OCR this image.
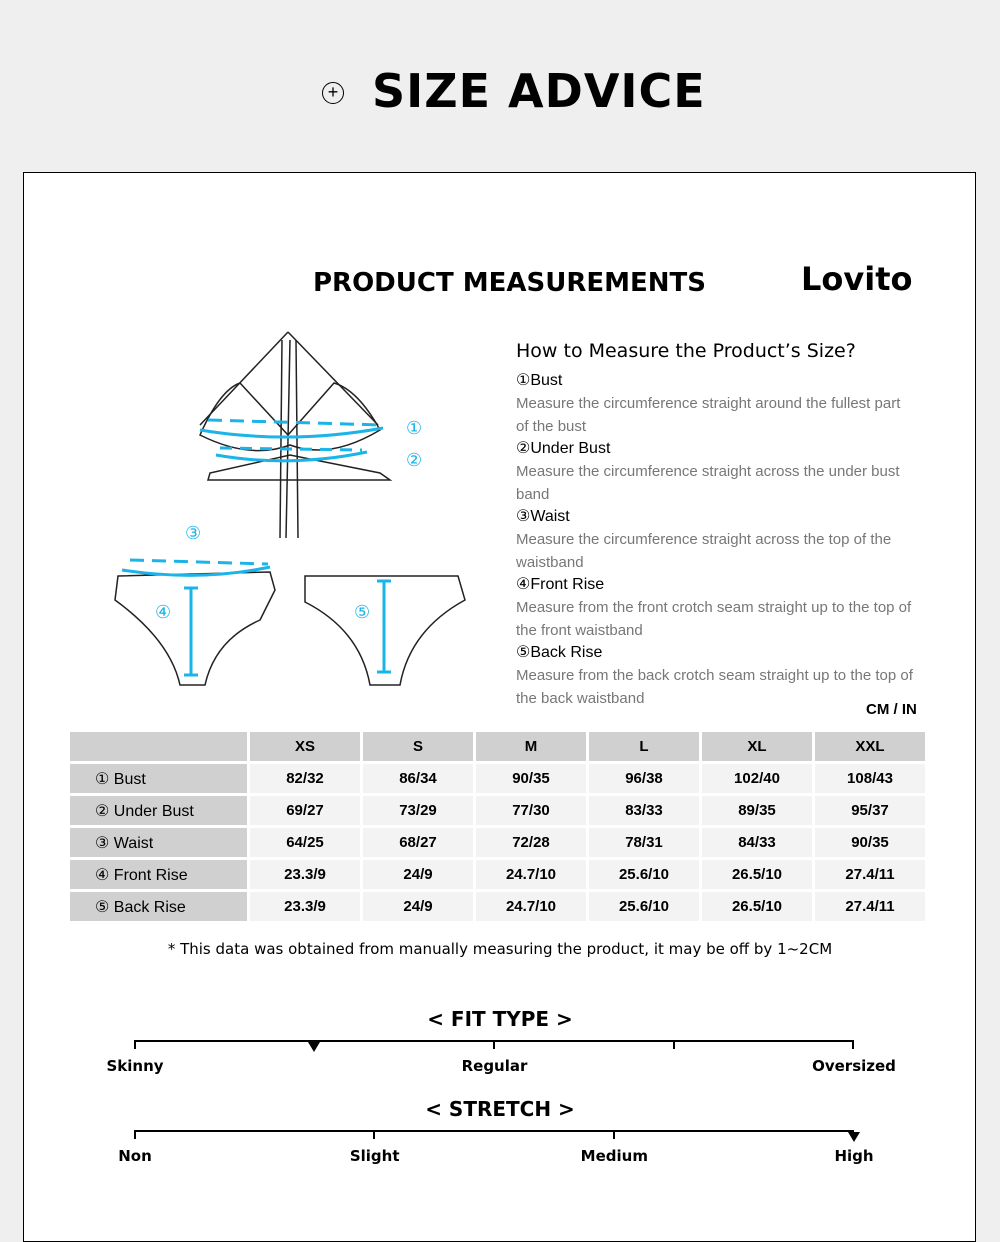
+ SIZE ADVICE
PRODUCT MEASUREMENTS	Lovito
①
②
③
④	⑤
How to Measure the Product’s Size?
①Bust
Measure the circumference straight around the fullest part of the bust
②Under Bust
Measure the circumference straight across the under bust band
③Waist
Measure the circumference straight across the top of the waistband
④Front Rise
Measure from the front crotch seam straight up to the top of the front waistband
⑤Back Rise
Measure from the back crotch seam straight up to the top of the back waistband
CM / IN
XS	S	M	L	XL	XXL
① Bust	82/32	86/34	90/35	96/38	102/40	108/43
② Under Bust	69/27	73/29	77/30	83/33	89/35	95/37
③ Waist	64/25	68/27	72/28	78/31	84/33	90/35
④ Front Rise	23.3/9	24/9	24.7/10	25.6/10	26.5/10	27.4/11
⑤ Back Rise	23.3/9	24/9	24.7/10	25.6/10	26.5/10	27.4/11
* This data was obtained from manually measuring the product, it may be off by 1~2CM
< FIT TYPE >
Skinny	Regular	Oversized
< STRETCH >
Non	Slight	Medium	High
